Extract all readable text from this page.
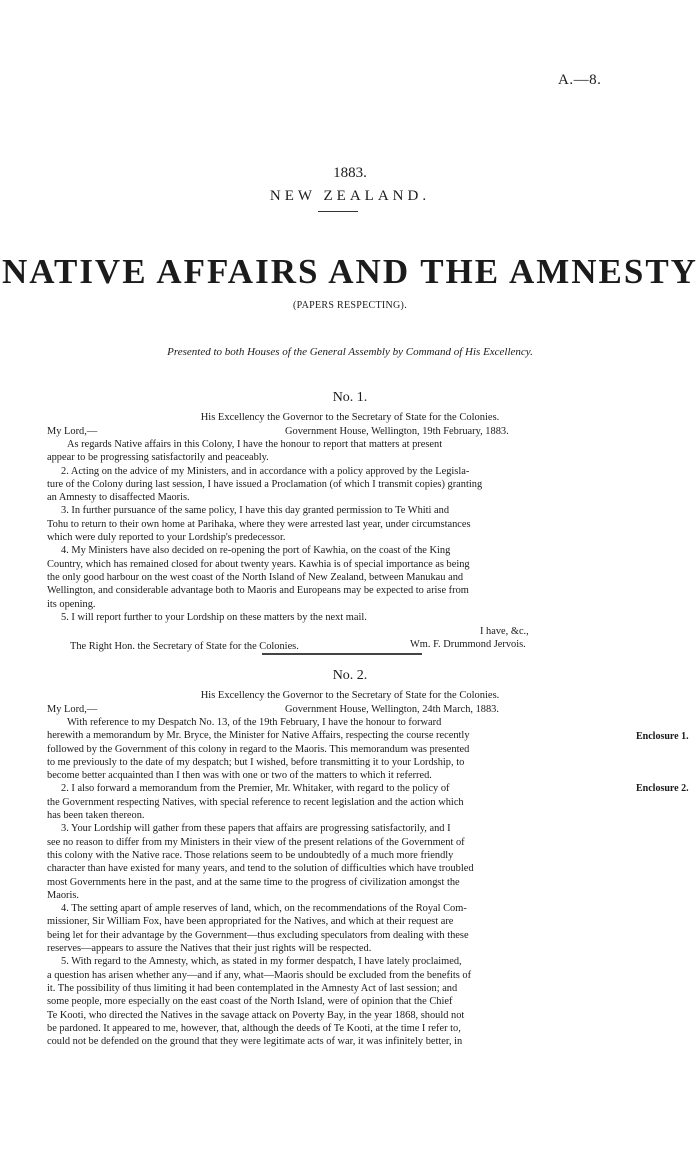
A.—8.
1883.
NEW ZEALAND.
NATIVE AFFAIRS AND THE AMNESTY
(PAPERS RESPECTING).
Presented to both Houses of the General Assembly by Command of His Excellency.
No. 1.
His Excellency the Governor to the Secretary of State for the Colonies.
My Lord,—	Government House, Wellington, 19th February, 1883.

As regards Native affairs in this Colony, I have the honour to report that matters at present

appear to be progressing satisfactorily and peaceably.

2. Acting on the advice of my Ministers, and in accordance with a policy approved by the Legisla-

ture of the Colony during last session, I have issued a Proclamation (of which I transmit copies) granting

an Amnesty to disaffected Maoris.

3. In further pursuance of the same policy, I have this day granted permission to Te Whiti and

Tohu to return to their own home at Parihaka, where they were arrested last year, under circumstances

which were duly reported to your Lordship's predecessor.

4. My Ministers have also decided on re-opening the port of Kawhia, on the coast of the King

Country, which has remained closed for about twenty years. Kawhia is of special importance as being

the only good harbour on the west coast of the North Island of New Zealand, between Manukau and

Wellington, and considerable advantage both to Maoris and Europeans may be expected to arise from

its opening.

5. I will report further to your Lordship on these matters by the next mail.

I have, &c.,
Wm. F. Drummond Jervois.
The Right Hon. the Secretary of State for the Colonies.
No. 2.
His Excellency the Governor to the Secretary of State for the Colonies.
My Lord,—	Government House, Wellington, 24th March, 1883.

With reference to my Despatch No. 13, of the 19th February, I have the honour to forward

herewith a memorandum by Mr. Bryce, the Minister for Native Affairs, respecting the course recently

followed by the Government of this colony in regard to the Maoris. This memorandum was presented

to me previously to the date of my despatch; but I wished, before transmitting it to your Lordship, to

become better acquainted than I then was with one or two of the matters to which it referred.

2. I also forward a memorandum from the Premier, Mr. Whitaker, with regard to the policy of

the Government respecting Natives, with special reference to recent legislation and the action which

has been taken thereon.

3. Your Lordship will gather from these papers that affairs are progressing satisfactorily, and I

see no reason to differ from my Ministers in their view of the present relations of the Government of

this colony with the Native race. Those relations seem to be undoubtedly of a much more friendly

character than have existed for many years, and tend to the solution of difficulties which have troubled

most Governments here in the past, and at the same time to the progress of civilization amongst the

Maoris.

4. The setting apart of ample reserves of land, which, on the recommendations of the Royal Com-

missioner, Sir William Fox, have been appropriated for the Natives, and which at their request are

being let for their advantage by the Government—thus excluding speculators from dealing with these

reserves—appears to assure the Natives that their just rights will be respected.

5. With regard to the Amnesty, which, as stated in my former despatch, I have lately proclaimed,

a question has arisen whether any—and if any, what—Maoris should be excluded from the benefits of

it. The possibility of thus limiting it had been contemplated in the Amnesty Act of last session; and

some people, more especially on the east coast of the North Island, were of opinion that the Chief

Te Kooti, who directed the Natives in the savage attack on Poverty Bay, in the year 1868, should not

be pardoned. It appeared to me, however, that, although the deeds of Te Kooti, at the time I refer to,

could not be defended on the ground that they were legitimate acts of war, it was infinitely better, in

Enclosure 1.
Enclosure 2.
